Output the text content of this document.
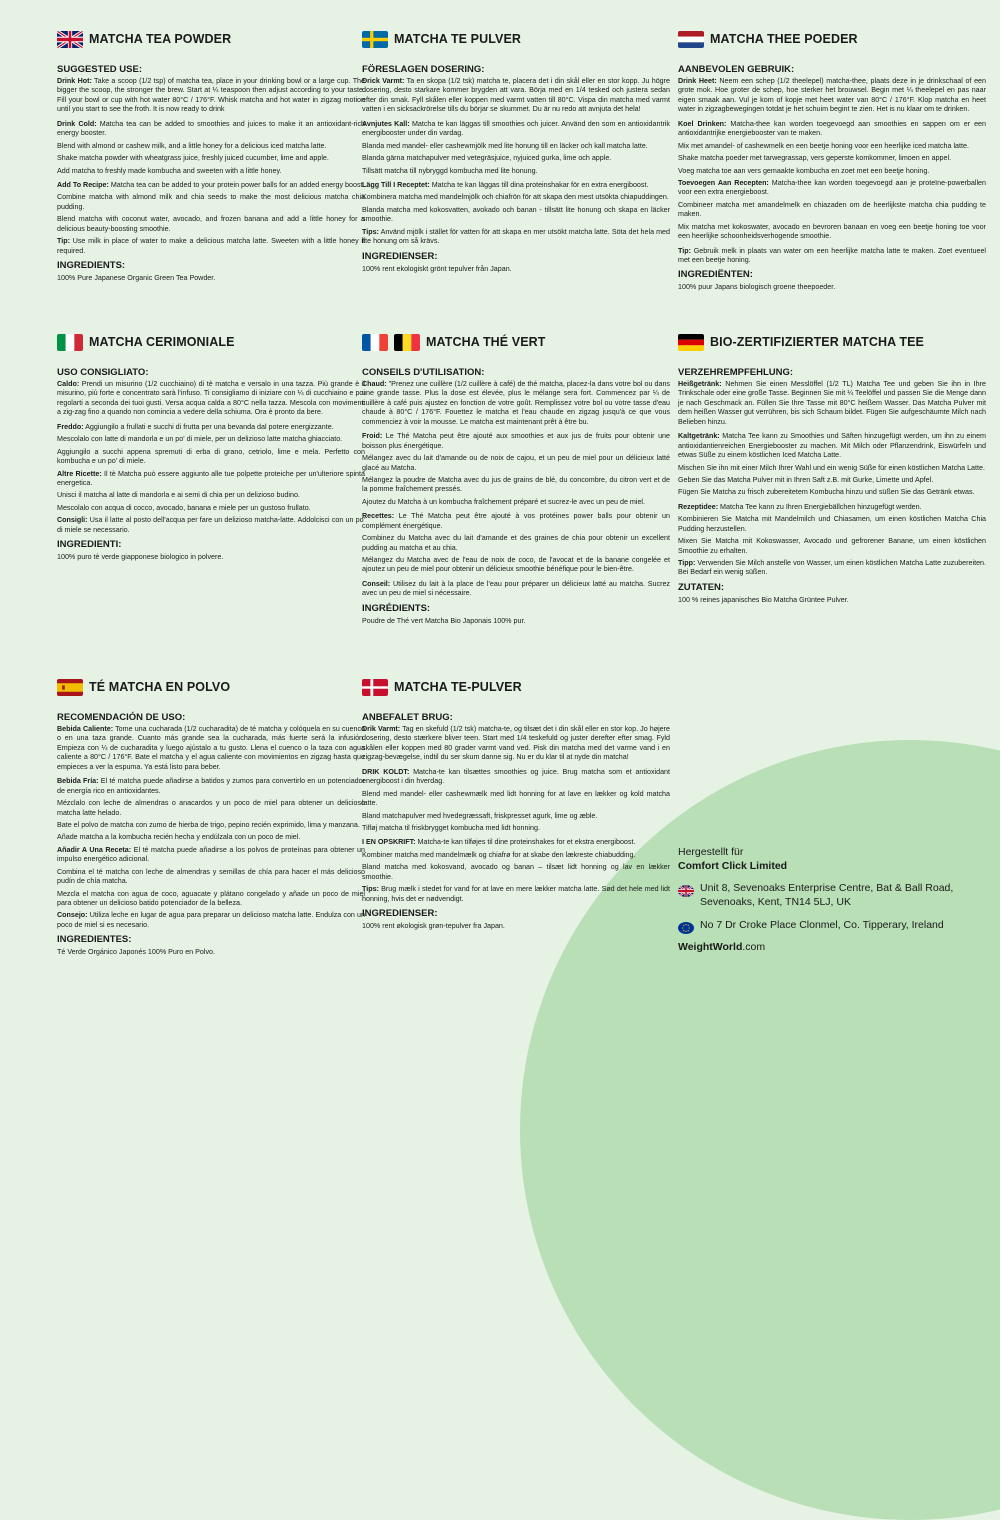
MATCHA TEA POWDER
SUGGESTED USE:

Drink Hot: Take a scoop (1/2 tsp) of matcha tea, place in your drinking bowl or a large cup. The bigger the scoop, the stronger the brew. Start at ¼ teaspoon then adjust according to your taste. Fill your bowl or cup with hot water 80°C / 176°F. Whisk matcha and hot water in zigzag motion until you start to see the froth. It is now ready to drink

Drink Cold: Matcha tea can be added to smoothies and juices to make it an antioxidant-rich energy booster.

Blend with almond or cashew milk, and a little honey for a delicious iced matcha latte.

Shake matcha powder with wheatgrass juice, freshly juiced cucumber, lime and apple.

Add matcha to freshly made kombucha and sweeten with a little honey.

Add To Recipe: Matcha tea can be added to your protein power balls for an added energy boost.

Combine matcha with almond milk and chia seeds to make the most delicious matcha chia pudding.

Blend matcha with coconut water, avocado, and frozen banana and add a little honey for a delicious beauty-boosting smoothie.

Tip: Use milk in place of water to make a delicious matcha latte. Sweeten with a little honey if required.

INGREDIENTS:
100% Pure Japanese Organic Green Tea Powder.
MATCHA TE PULVER
FÖRESLAGEN DOSERING:

Drick Varmt: Ta en skopa (1/2 tsk) matcha te, placera det i din skål eller en stor kopp. Ju högre dosering, desto starkare kommer brygden att vara. Börja med en 1/4 tesked och justera sedan efter din smak. Fyll skålen eller koppen med varmt vatten till 80°C. Vispa din matcha med varmt vatten i en sicksackrörelse tills du börjar se skummet. Du är nu redo att avnjuta det hela!

Avnjutes Kall: Matcha te kan läggas till smoothies och juicer. Använd den som en antioxidantrik energibooster under din vardag.

Blanda med mandel- eller cashewmjölk med lite honung till en läcker och kall matcha latte.

Blanda gärna matchapulver med vetegräsjuice, nyjuiced gurka, lime och apple.

Tillsätt matcha till nybryggd kombucha med lite honung.

Lägg Till I Receptet: Matcha te kan läggas till dina proteinshakar för en extra energiboost.

Kombinera matcha med mandelmjölk och chiafrön för att skapa den mest utsökta chiapuddingen.

Blanda matcha med kokosvatten, avokado och banan - tillsätt lite honung och skapa en läcker smoothie.

Tips: Använd mjölk i stället för vatten för att skapa en mer utsökt matcha latte. Söta det hela med lite honung om så krävs.

INGREDIENSER:
100% rent ekologiskt grönt tepulver från Japan.
MATCHA THEE POEDER
AANBEVOLEN GEBRUIK:

Drink Heet: Neem een schep (1/2 theelepel) matcha-thee, plaats deze in je drinkschaal of een grote mok. Hoe groter de schep, hoe sterker het brouwsel. Begin met ¼ theelepel en pas naar eigen smaak aan. Vul je kom of kopje met heet water van 80°C / 176°F. Klop matcha en heet water in zigzagbewegingen totdat je het schuim begint te zien. Het is nu klaar om te drinken.

Koel Drinken: Matcha-thee kan worden toegevoegd aan smoothies en sappen om er een antioxidantrijke energiebooster van te maken.

Mix met amandel- of cashewmelk en een beetje honing voor een heerlijke iced matcha latte.

Shake matcha poeder met tarwegrassap, vers geperste komkommer, limoen en appel.

Voeg matcha toe aan vers gemaakte kombucha en zoet met een beetje honing.

Toevoegen Aan Recepten: Matcha-thee kan worden toegevoegd aan je proteïne-powerballen voor een extra energieboost.

Combineer matcha met amandelmelk en chiazaden om de heerlijkste matcha chia pudding te maken.

Mix matcha met kokoswater, avocado en bevroren banaan en voeg een beetje honing toe voor een heerlijke schoonheidsverhogende smoothie.

Tip: Gebruik melk in plaats van water om een heerlijke matcha latte te maken. Zoet eventueel met een beetje honing.

INGREDIËNTEN:
100% puur Japans biologisch groene theepoeder.
MATCHA CERIMONIALE
USO CONSIGLIATO:

Caldo: Prendi un misurino (1/2 cucchiaino) di tè matcha e versalo in una tazza. Più grande è il misurino, più forte e concentrato sarà l'infuso. Ti consigliamo di iniziare con ¼ di cucchiaino e poi regolarti a seconda dei tuoi gusti. Versa acqua calda a 80°C nella tazza. Mescola con movimenti a zig-zag fino a quando non comincia a vedere della schiuma. Ora è pronto da bere.

Freddo: Aggiungilo a frullati e succhi di frutta per una bevanda dal potere energizzante.

Mescolalo con latte di mandorla e un po' di miele, per un delizioso latte matcha ghiacciato.

Aggiungilo a succhi appena spremuti di erba di grano, cetriolo, lime e mela. Perfetto con kombucha e un po' di miele.

Altre Ricette: Il tè Matcha può essere aggiunto alle tue polpette proteiche per un'ulteriore spinta energetica.

Unisci il matcha al latte di mandorla e ai semi di chia per un delizioso budino.

Mescolalo con acqua di cocco, avocado, banana e miele per un gustoso frullato.

Consigli: Usa il latte al posto dell'acqua per fare un delizioso matcha-latte. Addolcisci con un po' di miele se necessario.

INGREDIENTI:
100% puro tè verde giapponese biologico in polvere.
MATCHA THÉ VERT
CONSEILS D'UTILISATION:

Chaud: "Prenez une cuillère (1/2 cuillère à café) de thé matcha, placez-la dans votre bol ou dans une grande tasse. Plus la dose est élevée, plus le mélange sera fort. Commencez par ¼ de cuillère à café puis ajustez en fonction de votre goût. Remplissez votre bol ou votre tasse d'eau chaude à 80°C / 176°F. Fouettez le matcha et l'eau chaude en zigzag jusqu'à ce que vous commenciez à voir la mousse. Le matcha est maintenant prêt à être bu.

Froid: Le Thé Matcha peut être ajouté aux smoothies et aux jus de fruits pour obtenir une boisson plus énergétique.

Mélangez avec du lait d'amande ou de noix de cajou, et un peu de miel pour un délicieux latté glacé au Matcha.

Mélangez la poudre de Matcha avec du jus de grains de blé, du concombre, du citron vert et de la pomme fraîchement pressés.

Ajoutez du Matcha à un kombucha fraîchement préparé et sucrez-le avec un peu de miel.

Recettes: Le Thé Matcha peut être ajouté à vos protéines power balls pour obtenir un complément énergétique.

Combinez du Matcha avec du lait d'amande et des graines de chia pour obtenir un excellent pudding au matcha et au chia.

Mélangez du Matcha avec de l'eau de noix de coco, de l'avocat et de la banane congelée et ajoutez un peu de miel pour obtenir un délicieux smoothie bénéfique pour le bien-être.

Conseil: Utilisez du lait à la place de l'eau pour préparer un délicieux latté au matcha. Sucrez avec un peu de miel si nécessaire.

INGRÉDIENTS:
Poudre de Thé vert Matcha Bio Japonais 100% pur.
BIO-ZERTIFIZIERTER MATCHA TEE
VERZEHREMPFEHLUNG:

Heißgetränk: Nehmen Sie einen Messlöffel (1/2 TL) Matcha Tee und geben Sie ihn in Ihre Trinkschale oder eine große Tasse. Beginnen Sie mit ¼ Teelöffel und passen Sie die Menge dann je nach Geschmack an. Füllen Sie Ihre Tasse mit 80°C heißem Wasser. Das Matcha Pulver mit dem heißen Wasser gut verrühren, bis sich Schaum bildet. Fügen Sie aufgeschäumte Milch nach Belieben hinzu.

Kaltgetränk: Matcha Tee kann zu Smoothies und Säften hinzugefügt werden, um ihn zu einem antioxidantienreichen Energiebooster zu machen. Mit Milch oder Pflanzendrink, Eiswürfeln und etwas Süße zu einem köstlichen Iced Matcha Latte.

Mischen Sie ihn mit einer Milch Ihrer Wahl und ein wenig Süße für einen köstlichen Matcha Latte.

Geben Sie das Matcha Pulver mit in Ihren Saft z.B. mit Gurke, Limette und Apfel.

Fügen Sie Matcha zu frisch zubereitetem Kombucha hinzu und süßen Sie das Getränk etwas.

Rezeptidee: Matcha Tee kann zu Ihren Energiebällchen hinzugefügt werden.

Kombinieren Sie Matcha mit Mandelmilch und Chiasamen, um einen köstlichen Matcha Chia Pudding herzustellen.

Mixen Sie Matcha mit Kokoswasser, Avocado und gefrorener Banane, um einen köstlichen Smoothie zu erhalten.

Tipp: Verwenden Sie Milch anstelle von Wasser, um einen köstlichen Matcha Latte zuzubereiten. Bei Bedarf ein wenig süßen.

ZUTATEN:
100 % reines japanisches Bio Matcha Grüntee Pulver.
TÉ MATCHA EN POLVO
RECOMENDACIÓN DE USO:

Bebida Caliente: Tome una cucharada (1/2 cucharadita) de té matcha y colóquela en su cuenco o en una taza grande. Cuanto más grande sea la cucharada, más fuerte será la infusión. Empieza con ¼ de cucharadita y luego ajústalo a tu gusto. Llena el cuenco o la taza con agua caliente a 80°C / 176°F. Bate el matcha y el agua caliente con movimientos en zigzag hasta que empieces a ver la espuma. Ya está listo para beber.

Bebida Fría: El té matcha puede añadirse a batidos y zumos para convertirlo en un potenciador de energía rico en antioxidantes.

Mézclalo con leche de almendras o anacardos y un poco de miel para obtener un delicioso matcha latte helado.

Bate el polvo de matcha con zumo de hierba de trigo, pepino recién exprimido, lima y manzana.

Añade matcha a la kombucha recién hecha y endúlzala con un poco de miel.

Añadir A Una Receta: El té matcha puede añadirse a los polvos de proteínas para obtener un impulso energético adicional.

Combina el té matcha con leche de almendras y semillas de chía para hacer el más delicioso pudín de chía matcha.

Mezcla el matcha con agua de coco, aguacate y plátano congelado y añade un poco de miel para obtener un delicioso batido potenciador de la belleza.

Consejo: Utiliza leche en lugar de agua para preparar un delicioso matcha latte. Endulza con un poco de miel si es necesario.

INGREDIENTES:
Té Verde Orgánico Japonés 100% Puro en Polvo.
MATCHA TE-PULVER
ANBEFALET BRUG:

Drik Varmt: Tag en skefuld (1/2 tsk) matcha-te, og tilsæt det i din skål eller en stor kop. Jo højere dosering, desto stærkere bliver teen. Start med 1/4 teskefuld og juster derefter efter smag. Fyld skålen eller koppen med 80 grader varmt vand ved. Pisk din matcha med det varme vand i en zigzag-bevægelse, indtil du ser skum danne sig. Nu er du klar til at nyde din matcha!

DRIK KOLDT: Matcha-te kan tilsættes smoothies og juice. Brug matcha som et antioxidant energiboost i din hverdag.

Blend med mandel- eller cashewmælk med lidt honning for at lave en lækker og kold matcha latte.

Bland matchapulver med hvedegræssaft, friskpresset agurk, lime og æble.

Tilføj matcha til friskbrygget kombucha med lidt honning.

I EN OPSKRIFT: Matcha-te kan tilføjes til dine proteinshakes for et ekstra energiboost.

Kombiner matcha med mandelmælk og chiafrø for at skabe den lækreste chiabudding.

Bland matcha med kokosvand, avocado og banan – tilsæt lidt honning og lav en lækker smoothie.

Tips: Brug mælk i stedet for vand for at lave en mere lækker matcha latte. Sød det hele med lidt honning, hvis det er nødvendigt.

INGREDIENSER:
100% rent økologisk grøn-tepulver fra Japan.

Hergestellt für

Comfort Click Limited

Unit 8, Sevenoaks Enterprise Centre, Bat & Ball Road, Sevenoaks, Kent, TN14 5LJ, UK
No 7 Dr Croke Place Clonmel, Co. Tipperary, Ireland
WeightWorld.com
